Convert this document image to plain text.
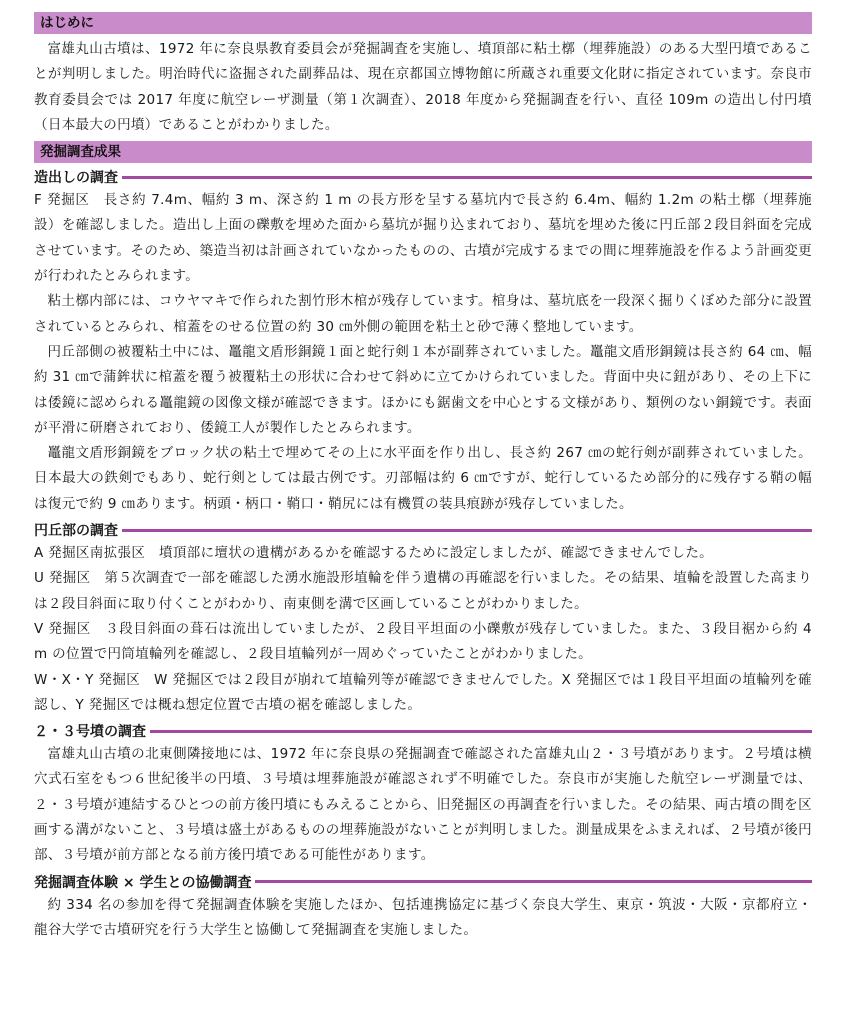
はじめに

富雄丸山古墳は、1972 年に奈良県教育委員会が発掘調査を実施し、墳頂部に粘土槨（埋葬施設）のある大型円墳であることが判明しました。明治時代に盗掘された副葬品は、現在京都国立博物館に所蔵され重要文化財に指定されています。奈良市教育委員会では 2017 年度に航空レーザ測量（第１次調査）、2018 年度から発掘調査を行い、直径 109m の造出し付円墳（日本最大の円墳）であることがわかりました。

発掘調査成果
造出しの調査

F 発掘区　長さ約 7.4m、幅約 3 m、深さ約 1 m の長方形を呈する墓坑内で長さ約 6.4m、幅約 1.2m の粘土槨（埋葬施設）を確認しました。造出し上面の礫敷を埋めた面から墓坑が掘り込まれており、墓坑を埋めた後に円丘部２段目斜面を完成させています。そのため、築造当初は計画されていなかったものの、古墳が完成するまでの間に埋葬施設を作るよう計画変更が行われたとみられます。

粘土槨内部には、コウヤマキで作られた割竹形木棺が残存しています。棺身は、墓坑底を一段深く掘りくぼめた部分に設置されているとみられ、棺蓋をのせる位置の約 30 ㎝外側の範囲を粘土と砂で薄く整地しています。

円丘部側の被覆粘土中には、鼉龍文盾形銅鏡１面と蛇行剣１本が副葬されていました。鼉龍文盾形銅鏡は長さ約 64 ㎝、幅約 31 ㎝で蒲鉾状に棺蓋を覆う被覆粘土の形状に合わせて斜めに立てかけられていました。背面中央に鈕があり、その上下には倭鏡に認められる鼉龍鏡の図像文様が確認できます。ほかにも鋸歯文を中心とする文様があり、類例のない銅鏡です。表面が平滑に研磨されており、倭鏡工人が製作したとみられます。

鼉龍文盾形銅鏡をブロック状の粘土で埋めてその上に水平面を作り出し、長さ約 267 ㎝の蛇行剣が副葬されていました。日本最大の鉄剣でもあり、蛇行剣としては最古例です。刃部幅は約 6 ㎝ですが、蛇行しているため部分的に残存する鞘の幅は復元で約 9 ㎝あります。柄頭・柄口・鞘口・鞘尻には有機質の装具痕跡が残存していました。

円丘部の調査

A 発掘区南拡張区　墳頂部に壇状の遺構があるかを確認するために設定しましたが、確認できませんでした。

U 発掘区　第５次調査で一部を確認した湧水施設形埴輪を伴う遺構の再確認を行いました。その結果、埴輪を設置した高まりは２段目斜面に取り付くことがわかり、南東側を溝で区画していることがわかりました。

V 発掘区　３段目斜面の葺石は流出していましたが、２段目平坦面の小礫敷が残存していました。また、３段目裾から約 4 m の位置で円筒埴輪列を確認し、２段目埴輪列が一周めぐっていたことがわかりました。

W・X・Y 発掘区　W 発掘区では２段目が崩れて埴輪列等が確認できませんでした。X 発掘区では１段目平坦面の埴輪列を確認し、Y 発掘区では概ね想定位置で古墳の裾を確認しました。

２・３号墳の調査

富雄丸山古墳の北東側隣接地には、1972 年に奈良県の発掘調査で確認された富雄丸山２・３号墳があります。２号墳は横穴式石室をもつ６世紀後半の円墳、３号墳は埋葬施設が確認されず不明確でした。奈良市が実施した航空レーザ測量では、２・３号墳が連結するひとつの前方後円墳にもみえることから、旧発掘区の再調査を行いました。その結果、両古墳の間を区画する溝がないこと、３号墳は盛土があるものの埋葬施設がないことが判明しました。測量成果をふまえれば、２号墳が後円部、３号墳が前方部となる前方後円墳である可能性があります。

発掘調査体験 × 学生との協働調査

約 334 名の参加を得て発掘調査体験を実施したほか、包括連携協定に基づく奈良大学生、東京・筑波・大阪・京都府立・龍谷大学で古墳研究を行う大学生と協働して発掘調査を実施しました。
